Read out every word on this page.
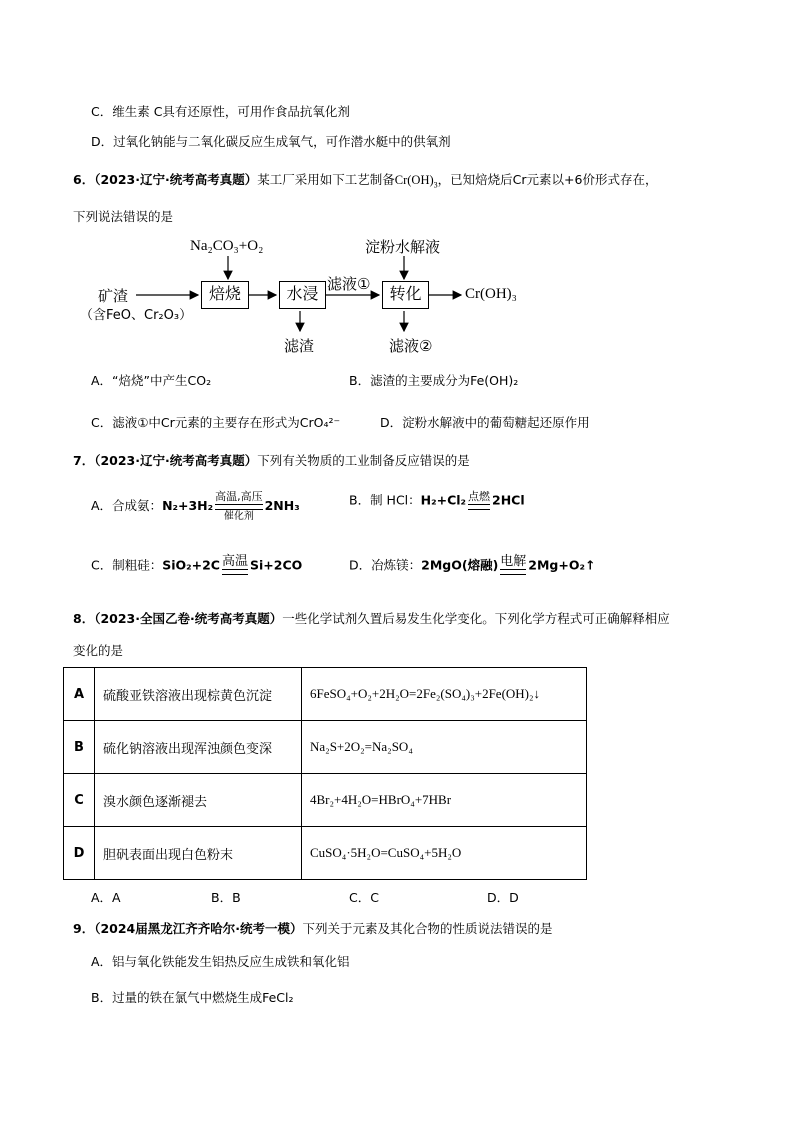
C．维生素 C具有还原性，可用作食品抗氧化剂
D．过氧化钠能与二氧化碳反应生成氧气，可作潜水艇中的供氧剂
6．（2023·辽宁·统考高考真题）某工厂采用如下工艺制备$Cr(OH)_3$，已知焙烧后Cr元素以+6价形式存在，
下列说法错误的是
Na₂CO₃+O₂
矿渣
（含FeO、Cr₂O₃）
焙烧	水浸 滤液①
淀粉水解液
转化	Cr(OH)₃
滤渣	滤液②
A．“焙烧”中产生CO₂	B．滤渣的主要成分为Fe(OH)₂
C．滤液①中Cr元素的主要存在形式为CrO₄²⁻	D．淀粉水解液中的葡萄糖起还原作用
7．（2023·辽宁·统考高考真题）下列有关物质的工业制备反应错误的是
A．合成氨：N₂+3H₂
高温,高压
催化剂
2NH₃	B．制 HCl：H₂+Cl₂ 点燃 2HCl
C．制粗硅：SiO₂+2C 高温 Si+2CO	D．冶炼镁：2MgO(熔融) 电解 2Mg+O₂↑
8．（2023·全国乙卷·统考高考真题）一些化学试剂久置后易发生化学变化。下列化学方程式可正确解释相应
变化的是
A	硫酸亚铁溶液出现棕黄色沉淀	6FeSO₄+O₂+2H₂O=2Fe₂(SO₄)₃+2Fe(OH)₂↓
B	硫化钠溶液出现浑浊颜色变深	Na₂S+2O₂=Na₂SO₄
C	溴水颜色逐渐褪去	4Br₂+4H₂O=HBrO₄+7HBr
D	胆矾表面出现白色粉末	CuSO₄·5H₂O=CuSO₄+5H₂O
A．A	B．B	C．C	D．D
9．（2024届黑龙江齐齐哈尔·统考一模）下列关于元素及其化合物的性质说法错误的是
A．铝与氧化铁能发生铝热反应生成铁和氧化铝
B．过量的铁在氯气中燃烧生成FeCl₂
